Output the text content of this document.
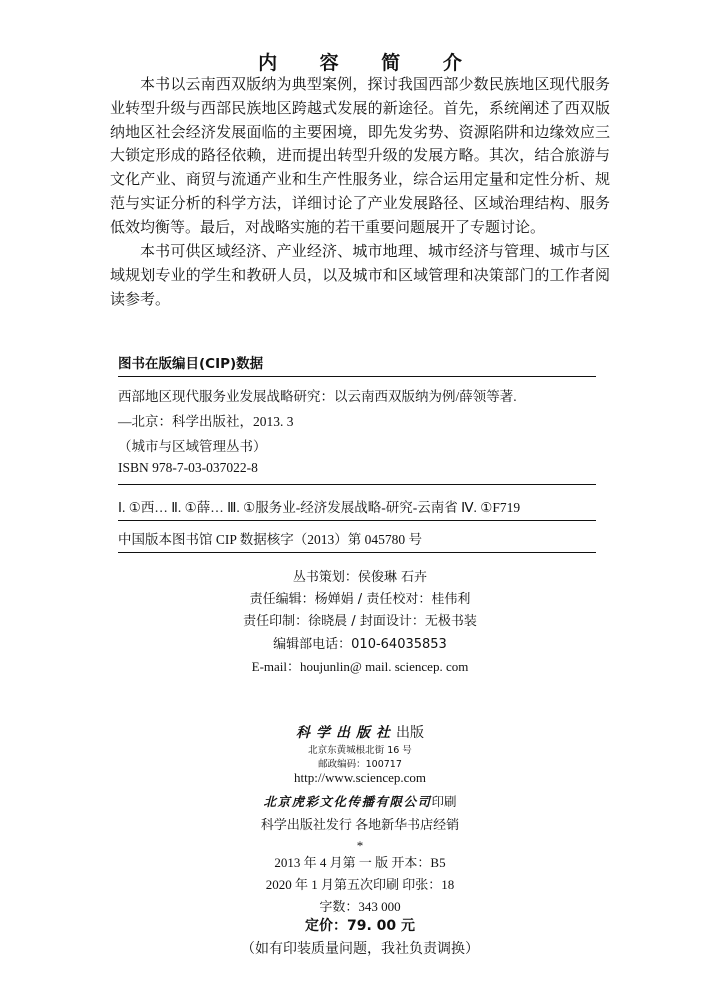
内 容 简 介

本书以云南西双版纳为典型案例，探讨我国西部少数民族地区现代服务业转型升级与西部民族地区跨越式发展的新途径。首先，系统阐述了西双版纳地区社会经济发展面临的主要困境，即先发劣势、资源陷阱和边缘效应三大锁定形成的路径依赖，进而提出转型升级的发展方略。其次，结合旅游与文化产业、商贸与流通产业和生产性服务业，综合运用定量和定性分析、规范与实证分析的科学方法，详细讨论了产业发展路径、区域治理结构、服务低效均衡等。最后，对战略实施的若干重要问题展开了专题讨论。

本书可供区域经济、产业经济、城市地理、城市经济与管理、城市与区域规划专业的学生和教研人员，以及城市和区域管理和决策部门的工作者阅读参考。

图书在版编目(CIP)数据
西部地区现代服务业发展战略研究：以云南西双版纳为例/薛领等著.
—北京：科学出版社，2013. 3
（城市与区域管理丛书）
ISBN 978-7-03-037022-8
Ⅰ. ①西… Ⅱ. ①薛… Ⅲ. ①服务业-经济发展战略-研究-云南省 Ⅳ. ①F719
中国版本图书馆 CIP 数据核字（2013）第 045780 号
丛书策划：侯俊琳 石卉
责任编辑：杨婵娟 / 责任校对：桂伟利
责任印制：徐晓晨 / 封面设计：无极书装
编辑部电话：010-64035853
E-mail：houjunlin@ mail. sciencep. com
科学出版社出版
北京东黄城根北街 16 号
邮政编码：100717
http://www.sciencep.com
北京虎彩文化传播有限公司印刷
科学出版社发行 各地新华书店经销
*
2013 年 4 月第 一 版 开本：B5
2020 年 1 月第五次印刷 印张：18
字数：343 000
定价：79. 00 元
（如有印装质量问题，我社负责调换）
